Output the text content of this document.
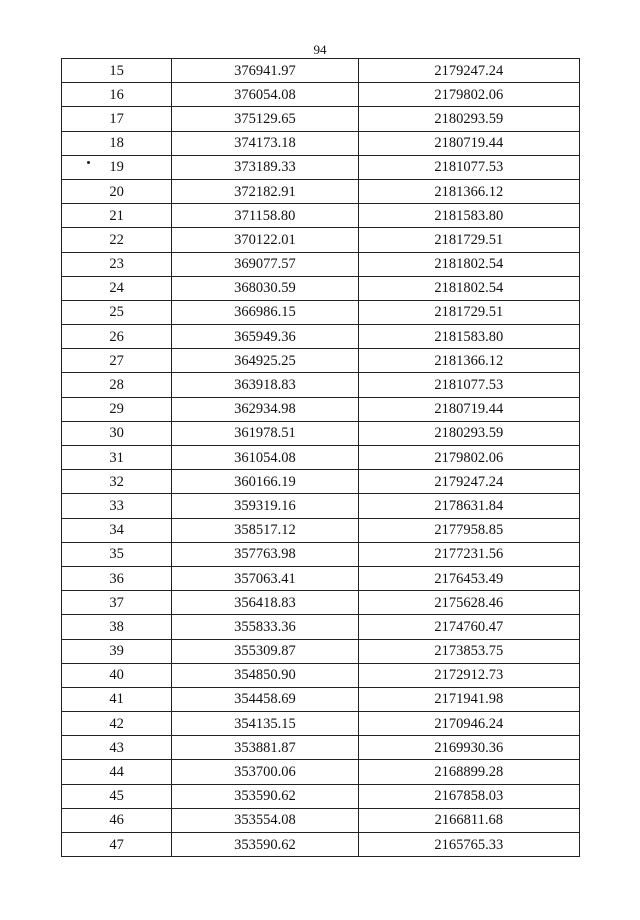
94
15	376941.97	2179247.24
16	376054.08	2179802.06
17	375129.65	2180293.59
18	374173.18	2180719.44
19	373189.33	2181077.53
20	372182.91	2181366.12
21	371158.80	2181583.80
22	370122.01	2181729.51
23	369077.57	2181802.54
24	368030.59	2181802.54
25	366986.15	2181729.51
26	365949.36	2181583.80
27	364925.25	2181366.12
28	363918.83	2181077.53
29	362934.98	2180719.44
30	361978.51	2180293.59
31	361054.08	2179802.06
32	360166.19	2179247.24
33	359319.16	2178631.84
34	358517.12	2177958.85
35	357763.98	2177231.56
36	357063.41	2176453.49
37	356418.83	2175628.46
38	355833.36	2174760.47
39	355309.87	2173853.75
40	354850.90	2172912.73
41	354458.69	2171941.98
42	354135.15	2170946.24
43	353881.87	2169930.36
44	353700.06	2168899.28
45	353590.62	2167858.03
46	353554.08	2166811.68
47	353590.62	2165765.33
